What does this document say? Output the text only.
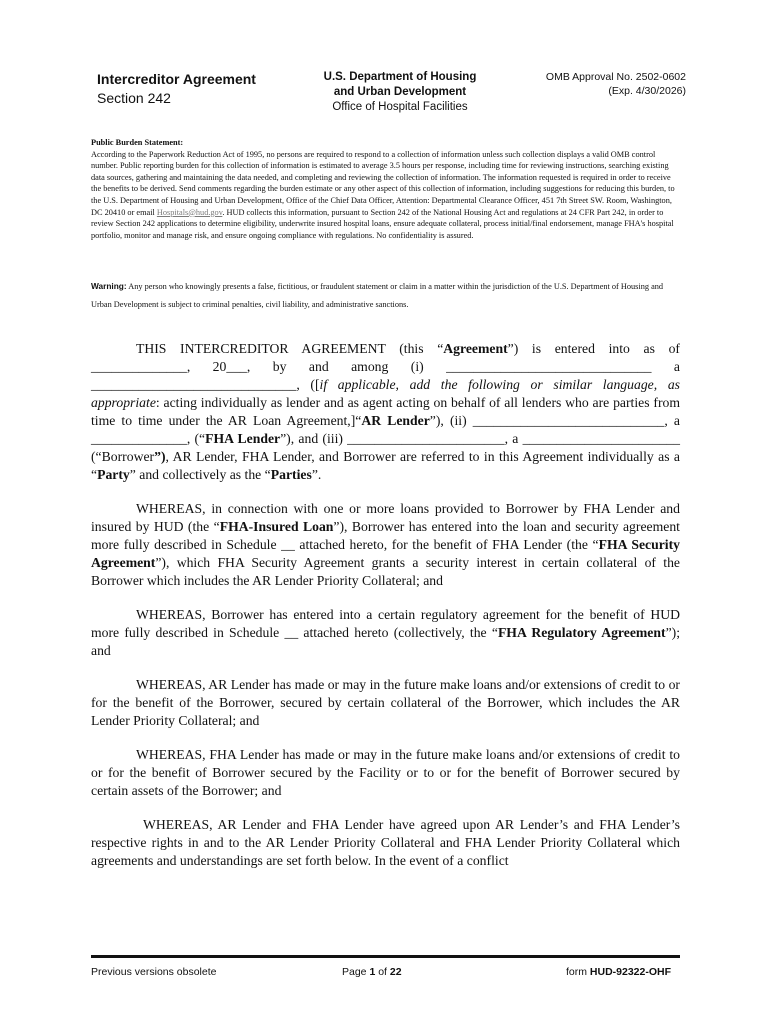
Intercreditor Agreement
Section 242
U.S. Department of Housing
and Urban Development
Office of Hospital Facilities
OMB Approval No. 2502-0602
(Exp. 4/30/2026)
Public Burden Statement:
According to the Paperwork Reduction Act of 1995, no persons are required to respond to a collection of information unless such collection displays a valid OMB control number. Public reporting burden for this collection of information is estimated to average 3.5 hours per response, including time for reviewing instructions, searching existing data sources, gathering and maintaining the data needed, and completing and reviewing the collection of information. The information requested is required in order to receive the benefits to be derived. Send comments regarding the burden estimate or any other aspect of this collection of information, including suggestions for reducing this burden, to the U.S. Department of Housing and Urban Development, Office of the Chief Data Officer, Attention: Departmental Clearance Officer, 451 7th Street SW. Room, Washington, DC 20410 or email Hospitals@hud.gov. HUD collects this information, pursuant to Section 242 of the National Housing Act and regulations at 24 CFR Part 242, in order to review Section 242 applications to determine eligibility, underwrite insured hospital loans, ensure adequate collateral, process initial/final endorsement, manage FHA's hospital portfolio, monitor and manage risk, and ensure ongoing compliance with regulations. No confidentiality is assured.
Warning: Any person who knowingly presents a false, fictitious, or fraudulent statement or claim in a matter within the jurisdiction of the U.S. Department of Housing and Urban Development is subject to criminal penalties, civil liability, and administrative sanctions.

THIS INTERCREDITOR AGREEMENT (this “Agreement”) is entered into as of ______________, 20___, by and among (i) ______________________________ a ______________________________, ([if applicable, add the following or similar language, as appropriate: acting individually as lender and as agent acting on behalf of all lenders who are parties from time to time under the AR Loan Agreement,]“AR Lender”), (ii) ____________________________, a ______________, (“FHA Lender”), and (iii) _______________________, a _______________________ (“Borrower”), AR Lender, FHA Lender, and Borrower are referred to in this Agreement individually as a “Party” and collectively as the “Parties”.

WHEREAS, in connection with one or more loans provided to Borrower by FHA Lender and insured by HUD (the “FHA-Insured Loan”), Borrower has entered into the loan and security agreement more fully described in Schedule __ attached hereto, for the benefit of FHA Lender (the “FHA Security Agreement”), which FHA Security Agreement grants a security interest in certain collateral of the Borrower which includes the AR Lender Priority Collateral; and

WHEREAS, Borrower has entered into a certain regulatory agreement for the benefit of HUD more fully described in Schedule __ attached hereto (collectively, the “FHA Regulatory Agreement”); and

WHEREAS, AR Lender has made or may in the future make loans and/or extensions of credit to or for the benefit of the Borrower, secured by certain collateral of the Borrower, which includes the AR Lender Priority Collateral; and

WHEREAS, FHA Lender has made or may in the future make loans and/or extensions of credit to or for the benefit of Borrower secured by the Facility or to or for the benefit of Borrower secured by certain assets of the Borrower; and

WHEREAS, AR Lender and FHA Lender have agreed upon AR Lender’s and FHA Lender’s respective rights in and to the AR Lender Priority Collateral and FHA Lender Priority Collateral which agreements and understandings are set forth below. In the event of a conflict

Previous versions obsolete	Page 1 of 22	form HUD-92322-OHF
